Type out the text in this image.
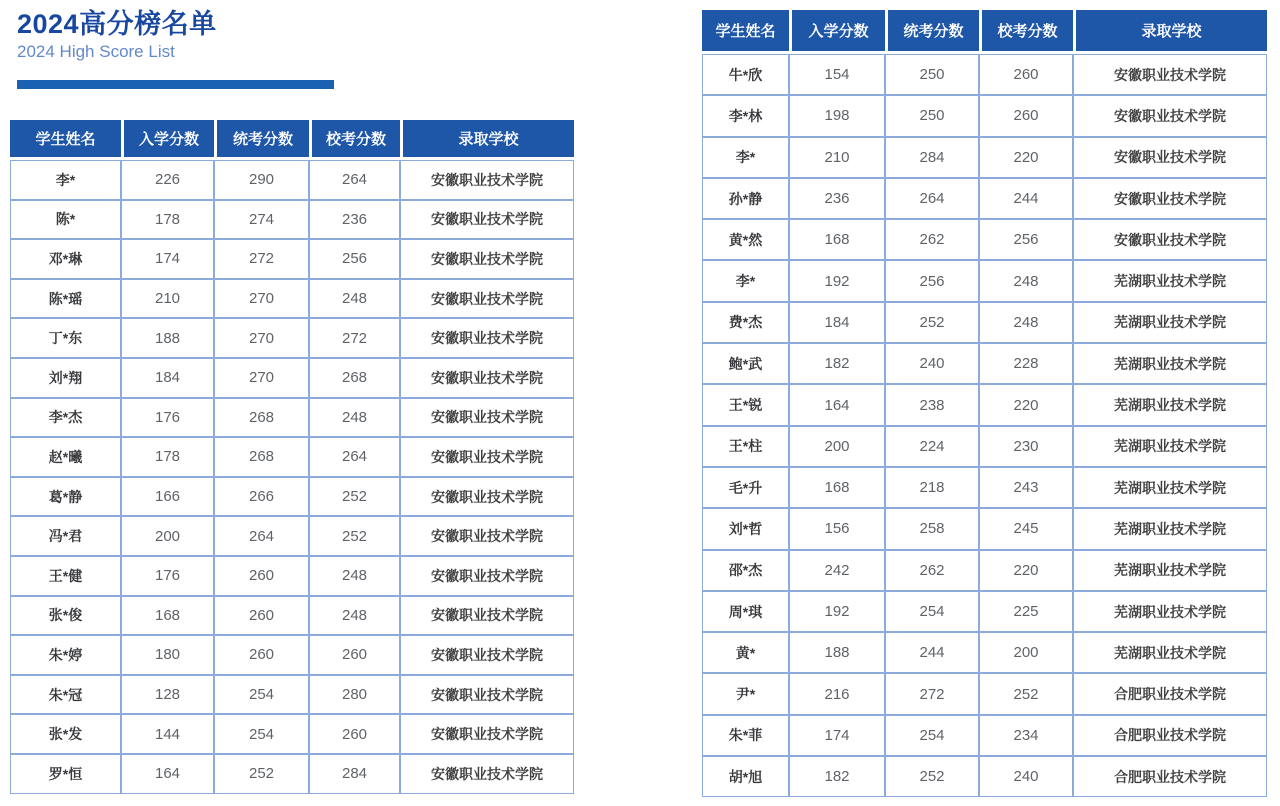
2024高分榜名单

2024 High Score List

学生姓名	入学分数	统考分数	校考分数	录取学校
李*	226	290	264	安徽职业技术学院
陈*	178	274	236	安徽职业技术学院
邓*琳	174	272	256	安徽职业技术学院
陈*瑶	210	270	248	安徽职业技术学院
丁*东	188	270	272	安徽职业技术学院
刘*翔	184	270	268	安徽职业技术学院
李*杰	176	268	248	安徽职业技术学院
赵*曦	178	268	264	安徽职业技术学院
葛*静	166	266	252	安徽职业技术学院
冯*君	200	264	252	安徽职业技术学院
王*健	176	260	248	安徽职业技术学院
张*俊	168	260	248	安徽职业技术学院
朱*婷	180	260	260	安徽职业技术学院
朱*冠	128	254	280	安徽职业技术学院
张*发	144	254	260	安徽职业技术学院
罗*恒	164	252	284	安徽职业技术学院
学生姓名	入学分数	统考分数	校考分数	录取学校
牛*欣	154	250	260	安徽职业技术学院
李*林	198	250	260	安徽职业技术学院
李*	210	284	220	安徽职业技术学院
孙*静	236	264	244	安徽职业技术学院
黄*然	168	262	256	安徽职业技术学院
李*	192	256	248	芜湖职业技术学院
费*杰	184	252	248	芜湖职业技术学院
鲍*武	182	240	228	芜湖职业技术学院
王*锐	164	238	220	芜湖职业技术学院
王*柱	200	224	230	芜湖职业技术学院
毛*升	168	218	243	芜湖职业技术学院
刘*哲	156	258	245	芜湖职业技术学院
邵*杰	242	262	220	芜湖职业技术学院
周*琪	192	254	225	芜湖职业技术学院
黄*	188	244	200	芜湖职业技术学院
尹*	216	272	252	合肥职业技术学院
朱*菲	174	254	234	合肥职业技术学院
胡*旭	182	252	240	合肥职业技术学院
